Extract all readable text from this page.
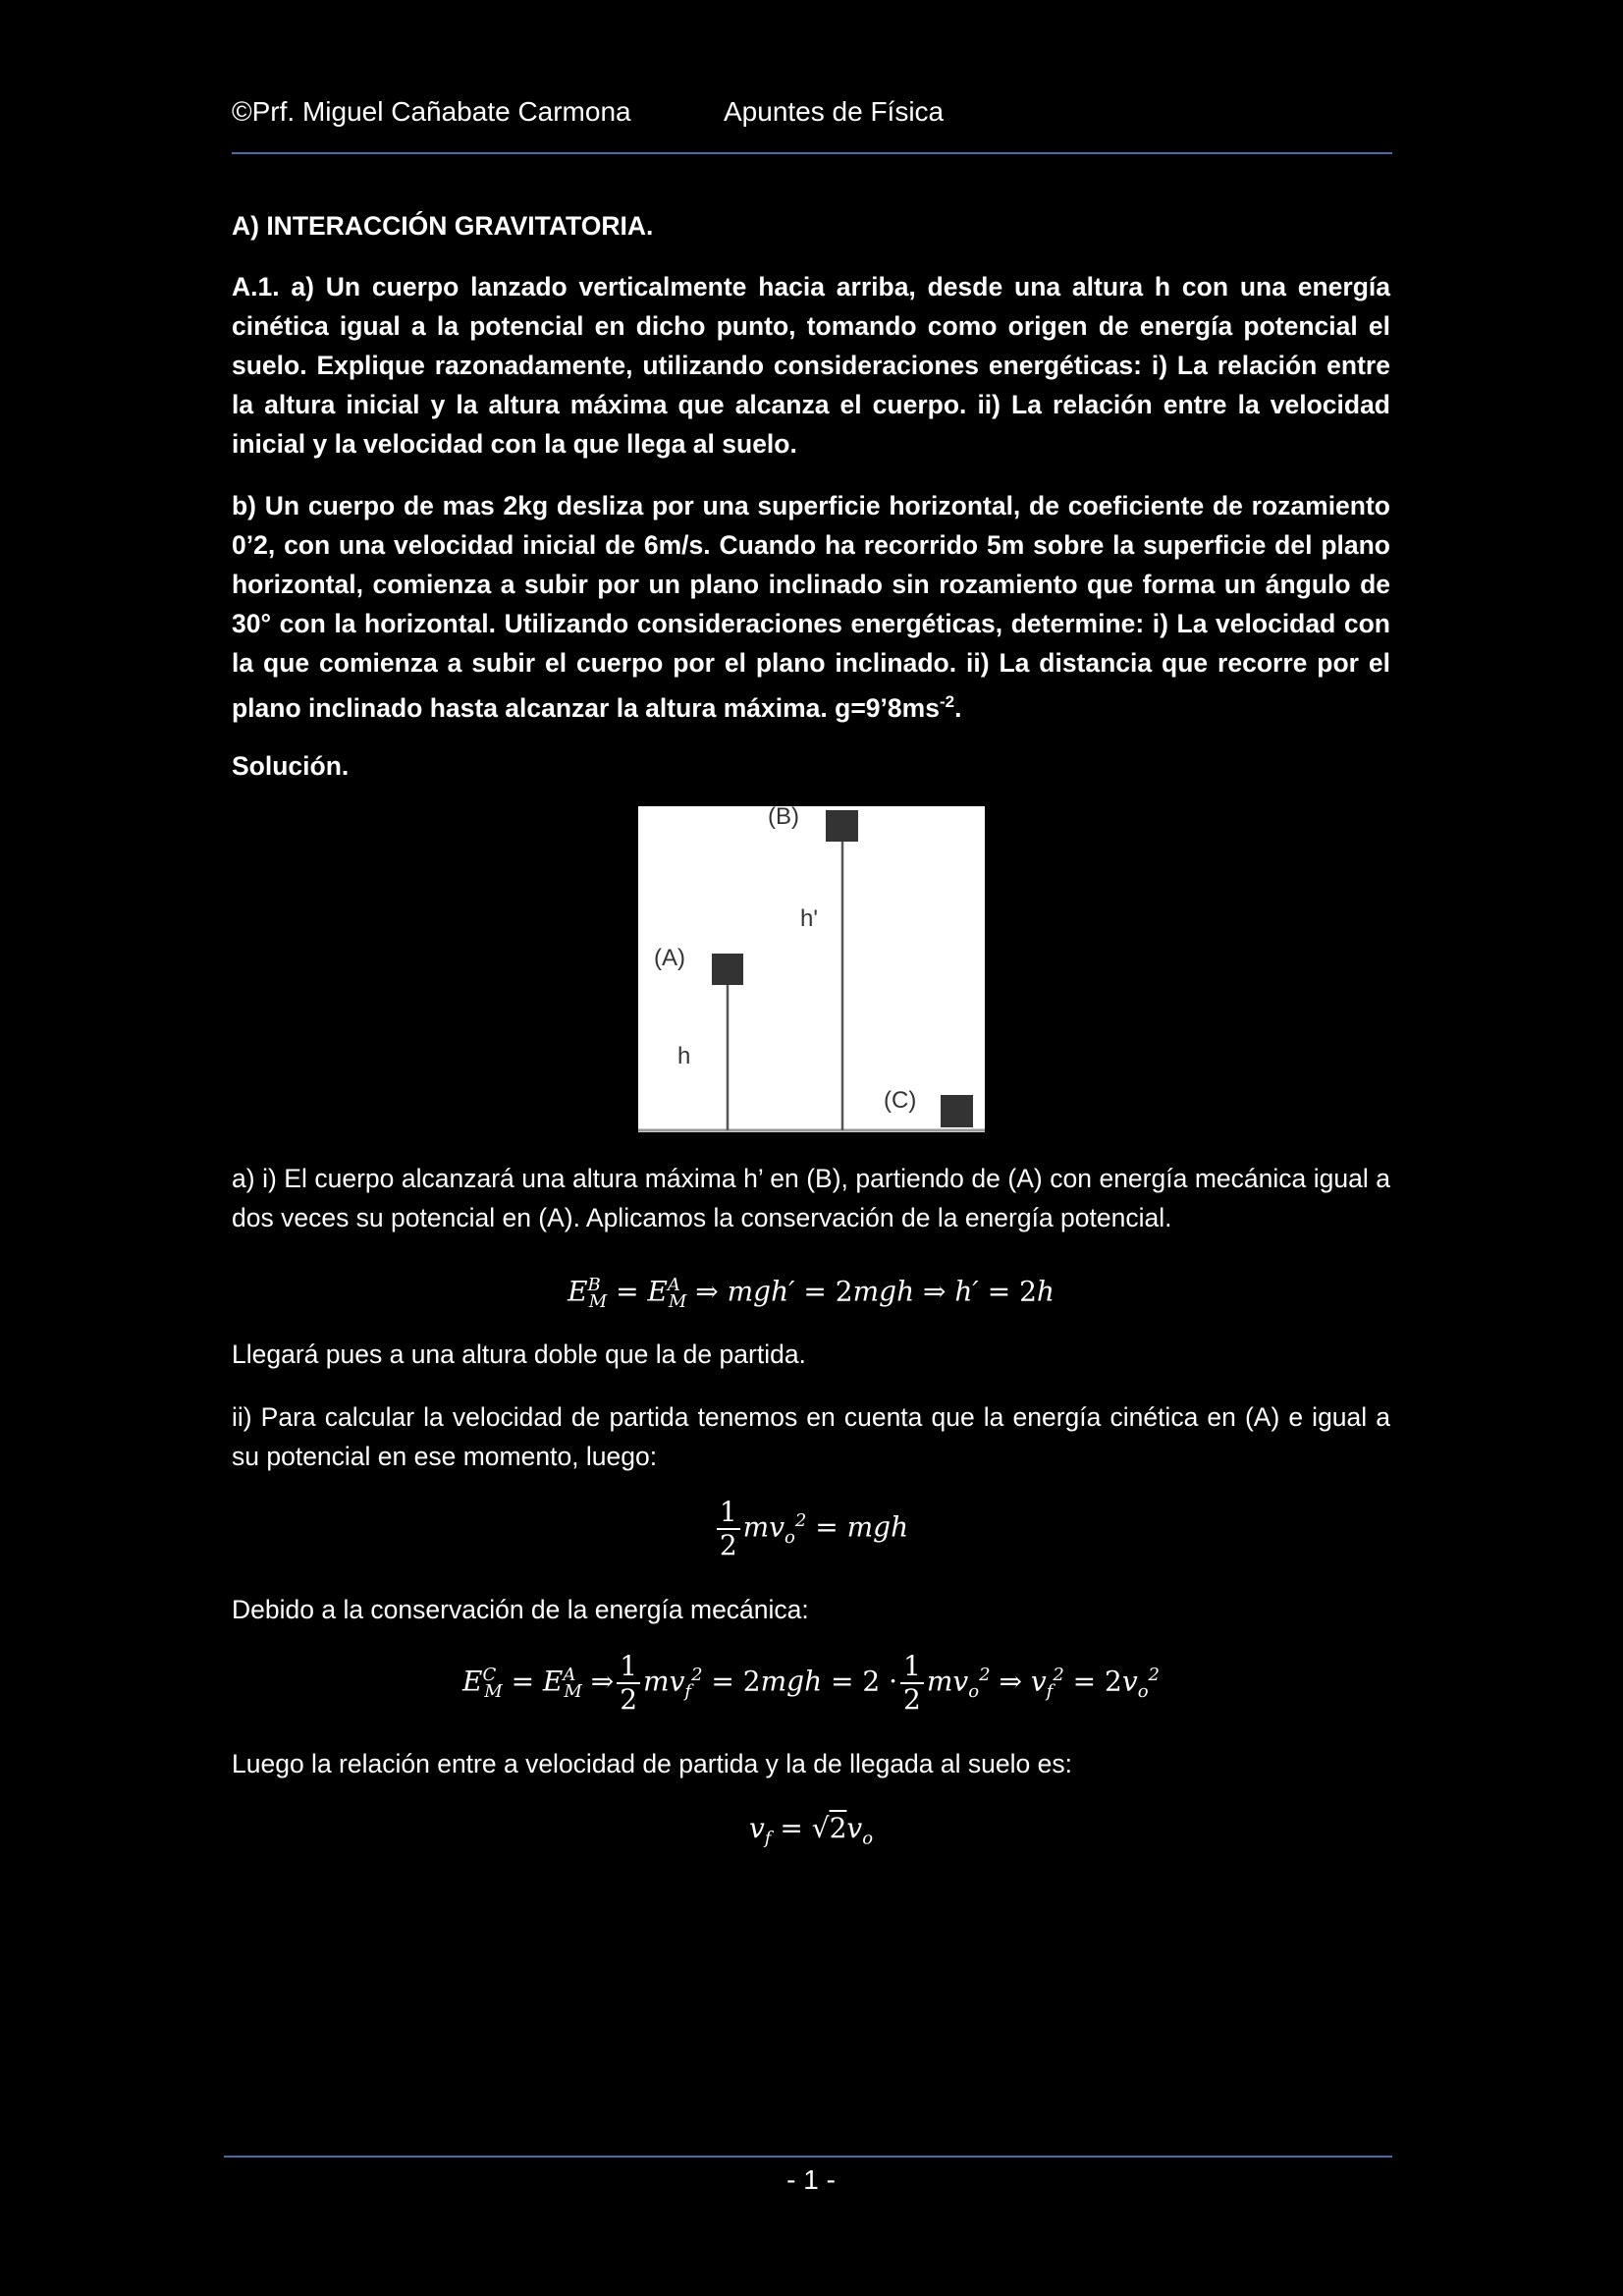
©Prf. Miguel Cañabate Carmona	Apuntes de Física
A) INTERACCIÓN GRAVITATORIA.
A.1. a) Un cuerpo lanzado verticalmente hacia arriba, desde una altura h con una energía cinética igual a la potencial en dicho punto, tomando como origen de energía potencial el suelo. Explique razonadamente, utilizando consideraciones energéticas: i) La relación entre la altura inicial y la altura máxima que alcanza el cuerpo. ii) La relación entre la velocidad inicial y la velocidad con la que llega al suelo.
b) Un cuerpo de mas 2kg desliza por una superficie horizontal, de coeficiente de rozamiento 0’2, con una velocidad inicial de 6m/s. Cuando ha recorrido 5m sobre la superficie del plano horizontal, comienza a subir por un plano inclinado sin rozamiento que forma un ángulo de 30° con la horizontal. Utilizando consideraciones energéticas, determine: i) La velocidad con la que comienza a subir el cuerpo por el plano inclinado. ii) La distancia que recorre por el plano inclinado hasta alcanzar la altura máxima. $g=9’8ms^{-2}$.
Solución.
(A)
(B)
(C)
h
h'
a) i) El cuerpo alcanzará una altura máxima h’ en (B), partiendo de (A) con energía mecánica igual a dos veces su potencial en (A). Aplicamos la conservación de la energía potencial.
$E^B_M = E^A_M$ ⇒ mgh′ = 2mgh ⇒ h′ = 2h
Llegará pues a una altura doble que la de partida.
ii) Para calcular la velocidad de partida tenemos en cuenta que la energía cinética en (A) e igual a su potencial en ese momento, luego:
$\frac{1}{2} mv_o^2$ = mgh
Debido a la conservación de la energía mecánica:
$E^C_M = E^A_M$ ⇒ $\frac{1}{2} mv_f^2 = 2mgh = 2 \cdot \frac{1}{2} mv_o^2$ ⇒ $v_f^2 = 2v_o^2$
Luego la relación entre a velocidad de partida y la de llegada al suelo es:
$v_f = √2v_o$
- 1 -
